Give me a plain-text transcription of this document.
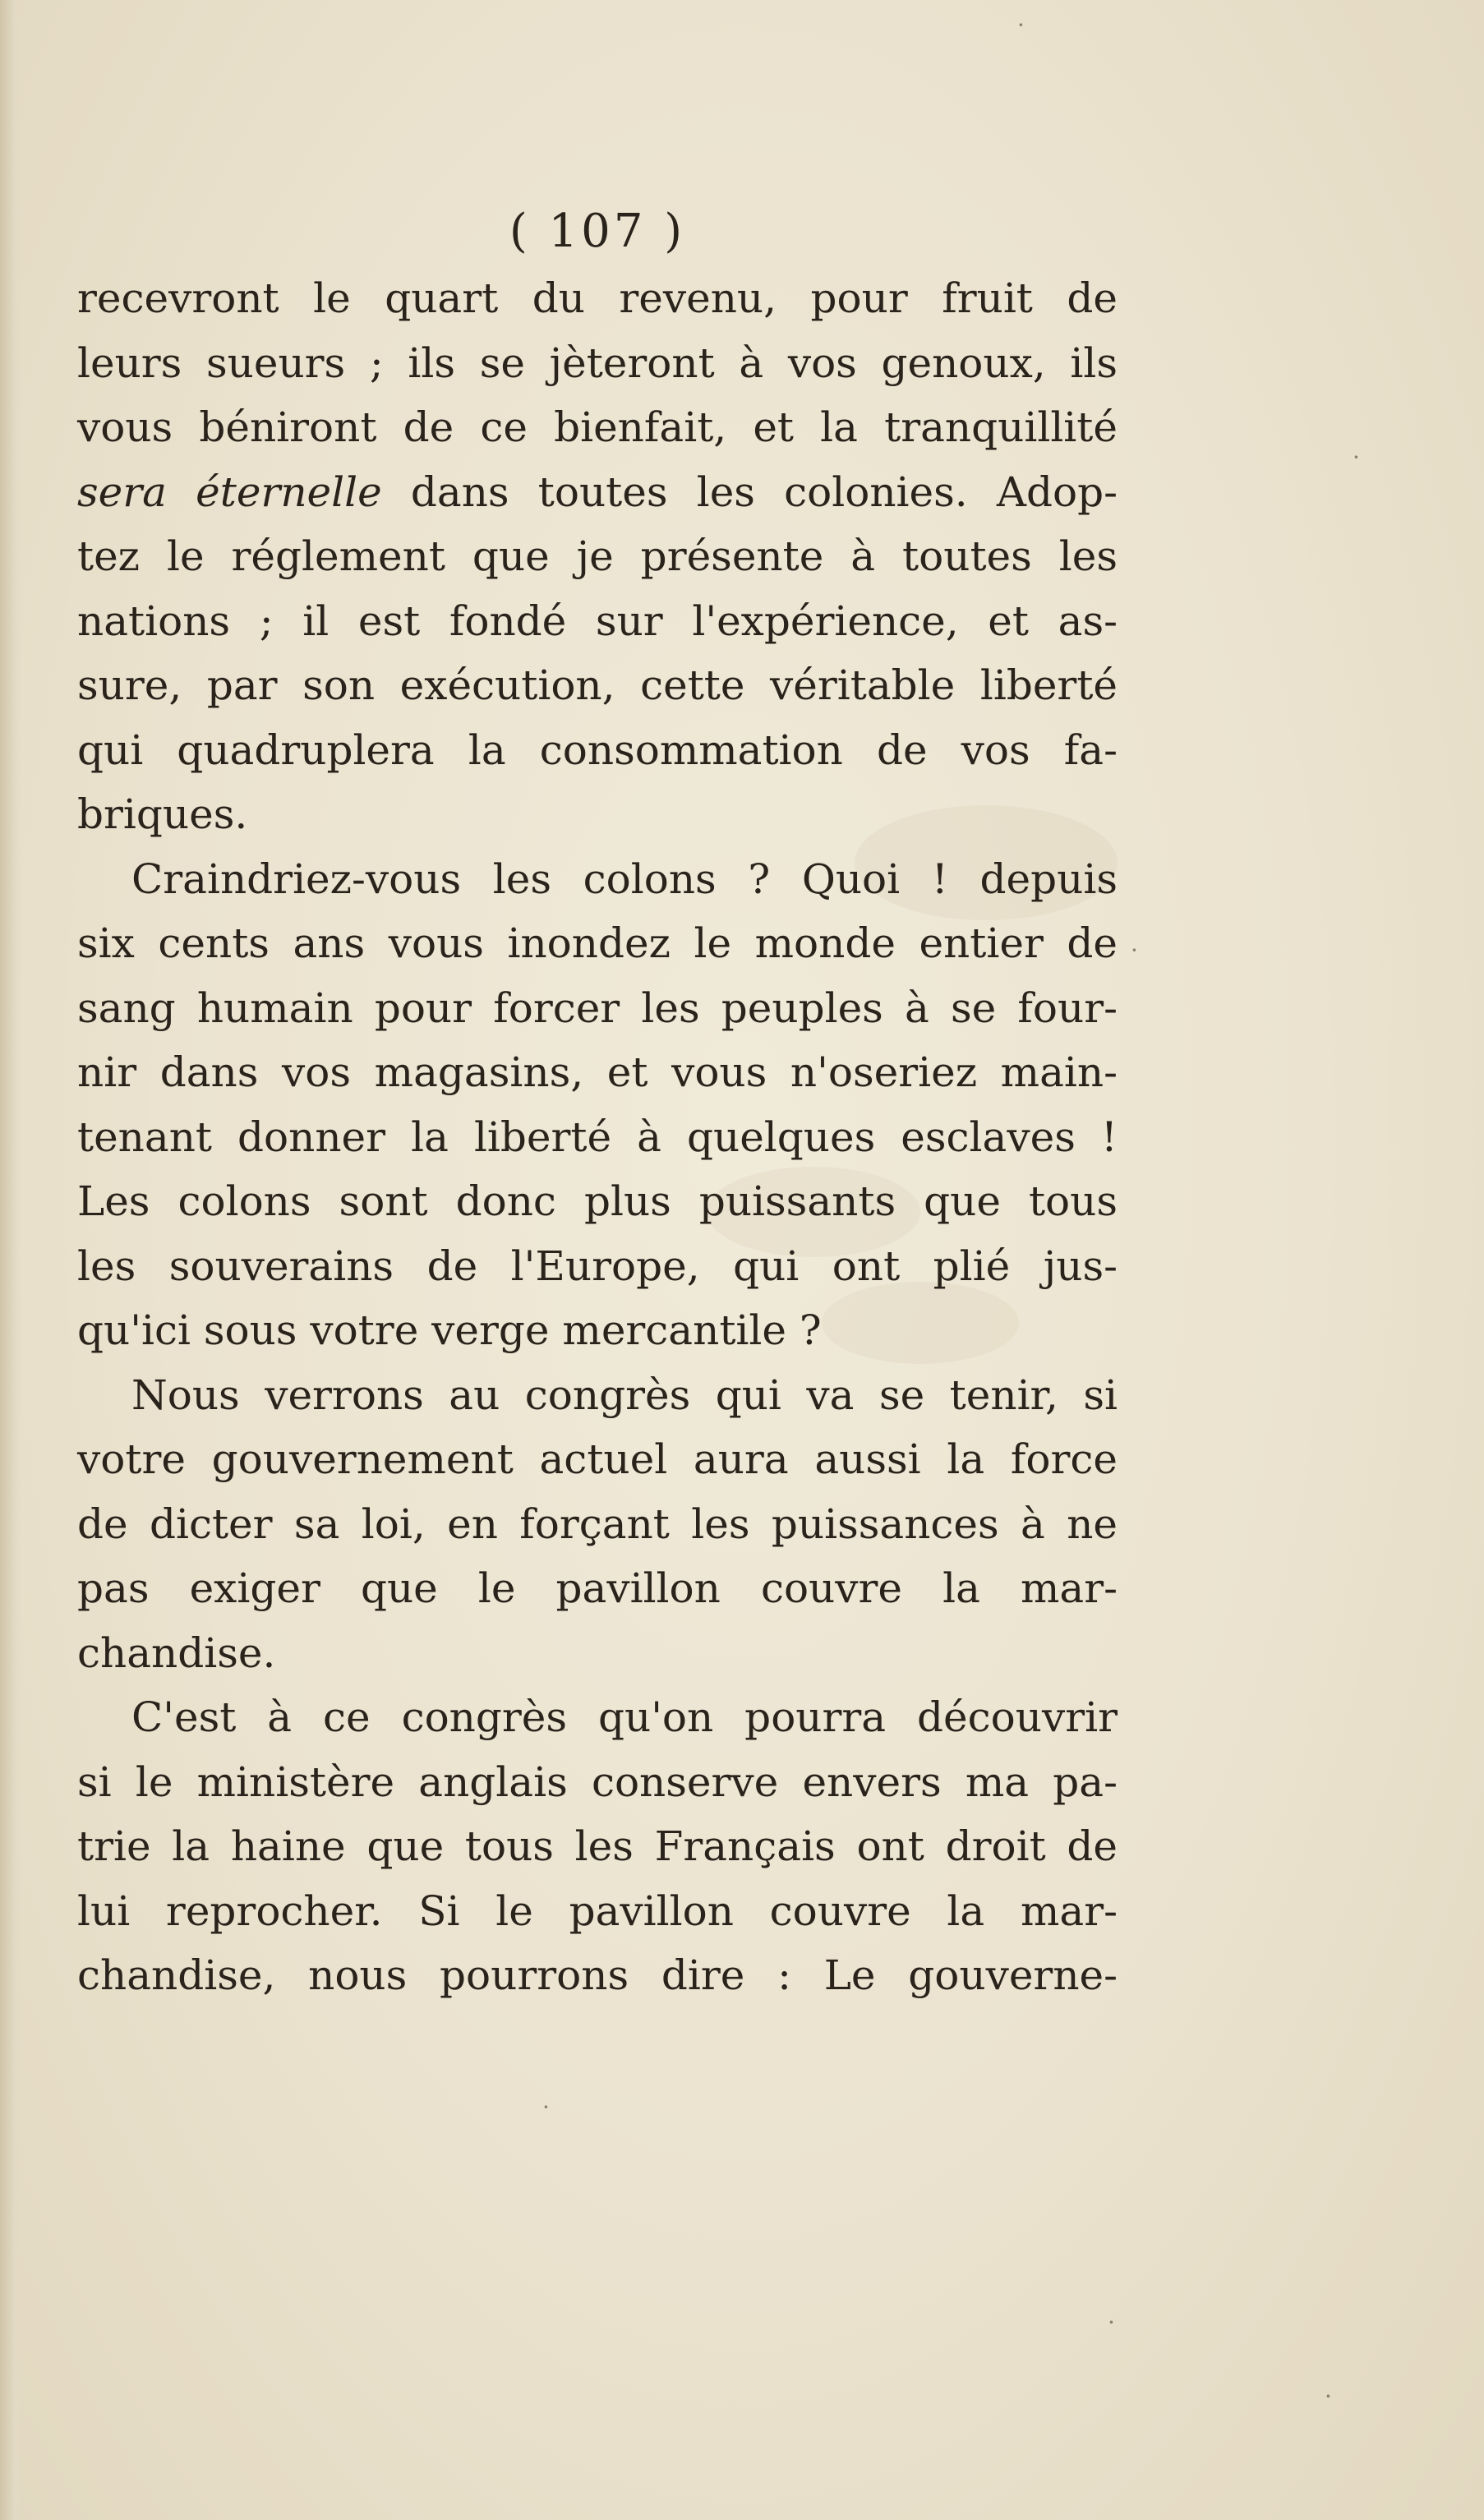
·
·
·
·
·
·
( 107 )
recevront le quart du revenu, pour fruit de
leurs sueurs ; ils se jèteront à vos genoux, ils
vous béniront de ce bienfait, et la tranquillité
sera éternelle dans toutes les colonies. Adop-
tez le réglement que je présente à toutes les
nations ; il est fondé sur l'expérience, et as-
sure, par son exécution, cette véritable liberté
qui quadruplera la consommation de vos fa-
briques.
Craindriez-vous les colons ? Quoi ! depuis
six cents ans vous inondez le monde entier de
sang humain pour forcer les peuples à se four-
nir dans vos magasins, et vous n'oseriez main-
tenant donner la liberté à quelques esclaves !
Les colons sont donc plus puissants que tous
les souverains de l'Europe, qui ont plié jus-
qu'ici sous votre verge mercantile ?
Nous verrons au congrès qui va se tenir, si
votre gouvernement actuel aura aussi la force
de dicter sa loi, en forçant les puissances à ne
pas exiger que le pavillon couvre la mar-
chandise.
C'est à ce congrès qu'on pourra découvrir
si le ministère anglais conserve envers ma pa-
trie la haine que tous les Français ont droit de
lui reprocher. Si le pavillon couvre la mar-
chandise, nous pourrons dire : Le gouverne-
